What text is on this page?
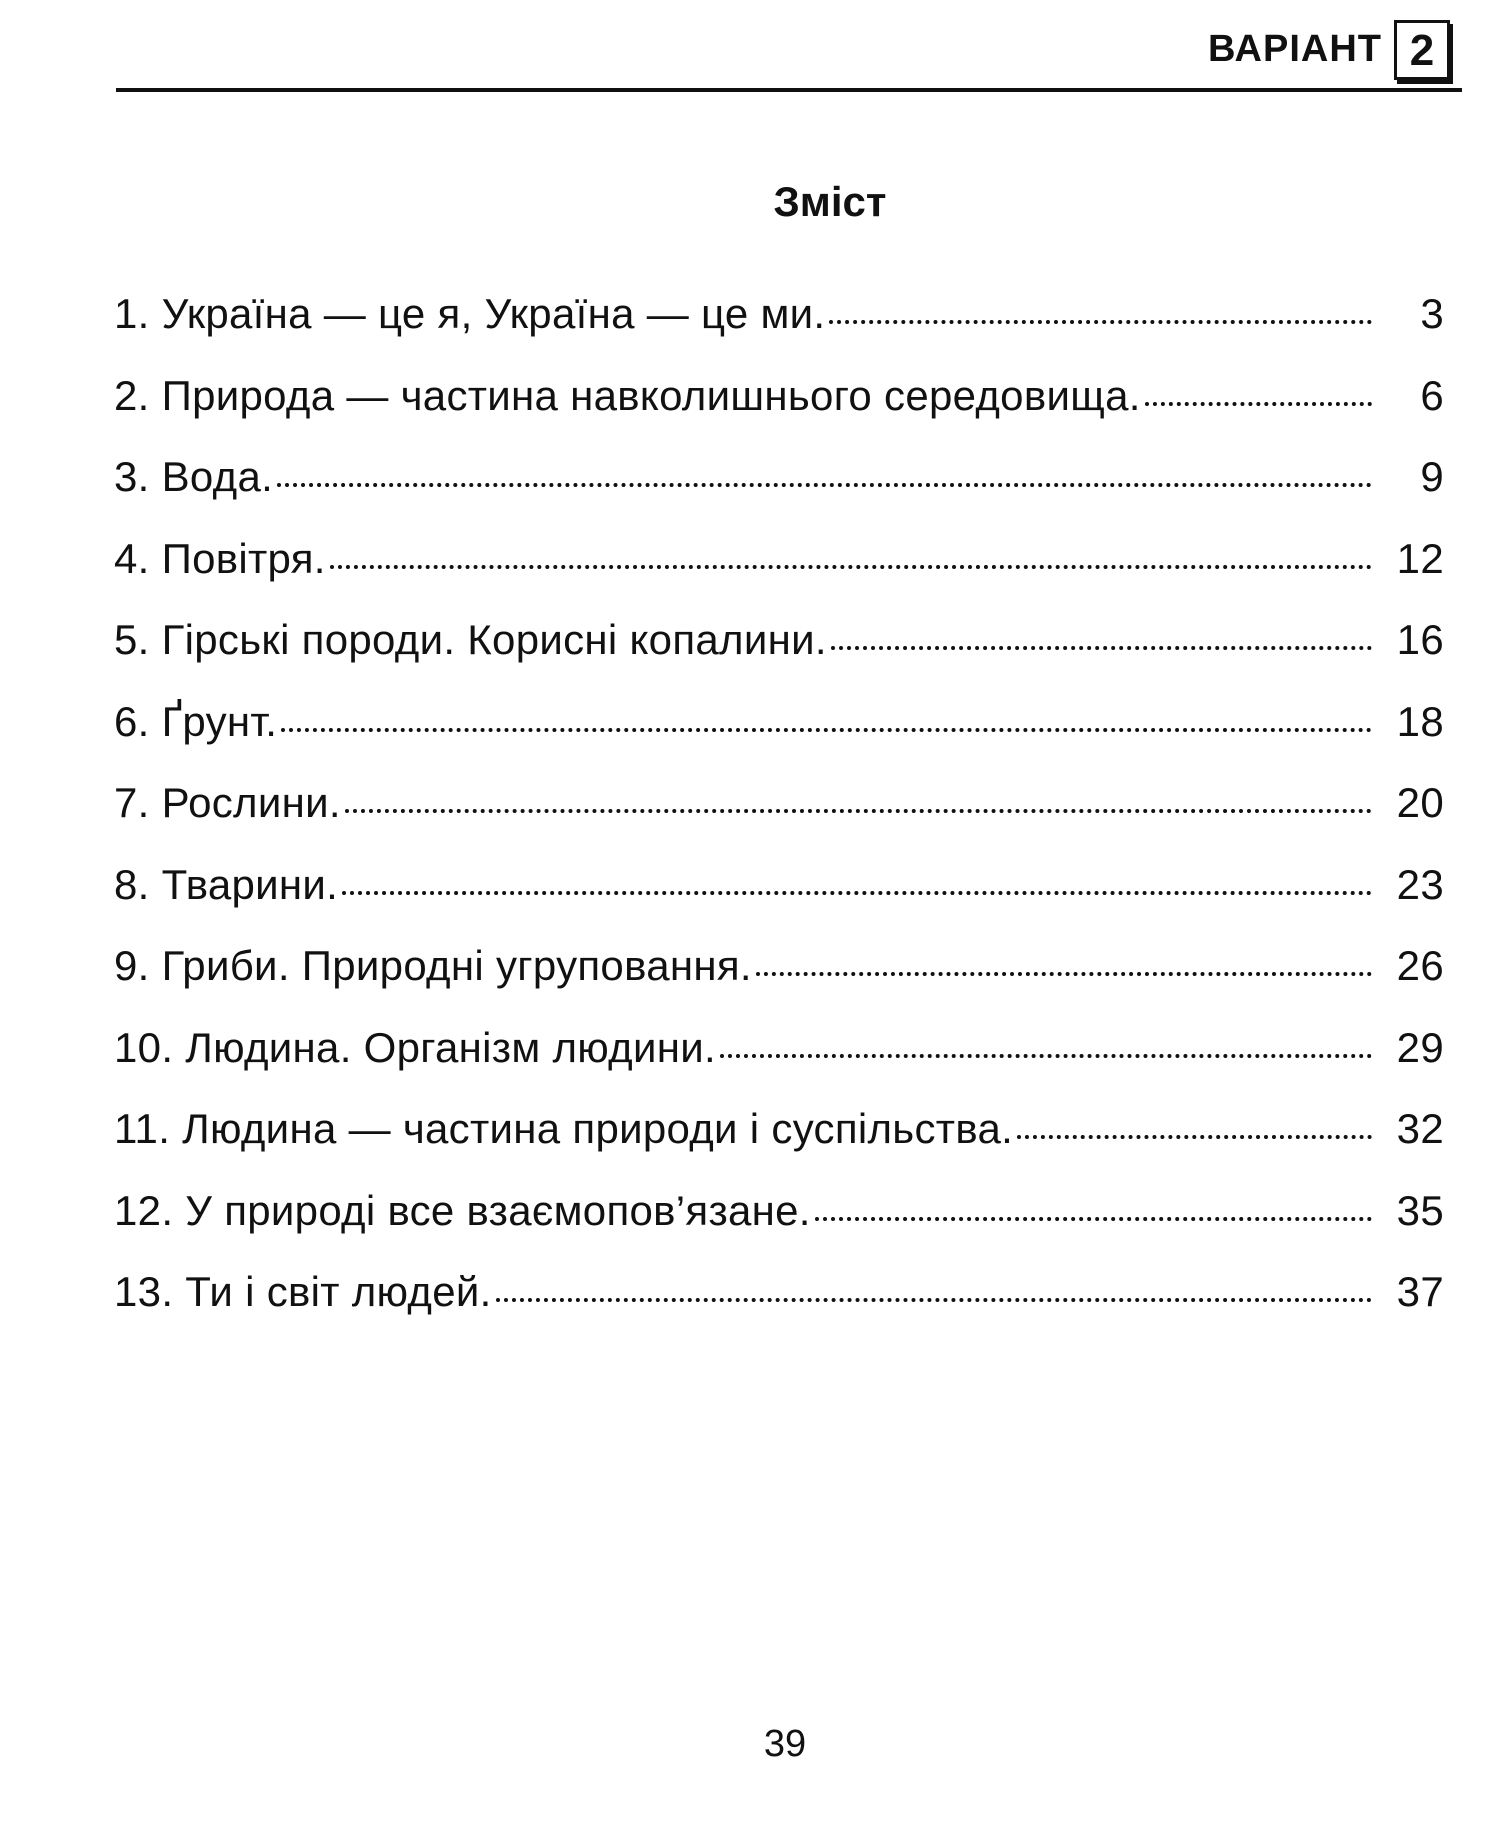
ВАРІАНТ 2
Зміст
1. Україна — це я, Україна — це ми.	3
2. Природа — частина навколишнього середовища.	6
3. Вода.	9
4. Повітря.	12
5. Гірські породи. Корисні копалини.	16
6. Ґрунт.	18
7. Рослини.	20
8. Тварини.	23
9. Гриби. Природні угруповання.	26
10. Людина. Організм людини.	29
11. Людина — частина природи і суспільства.	32
12. У природі все взаємопов’язане.	35
13. Ти і світ людей.	37
39
